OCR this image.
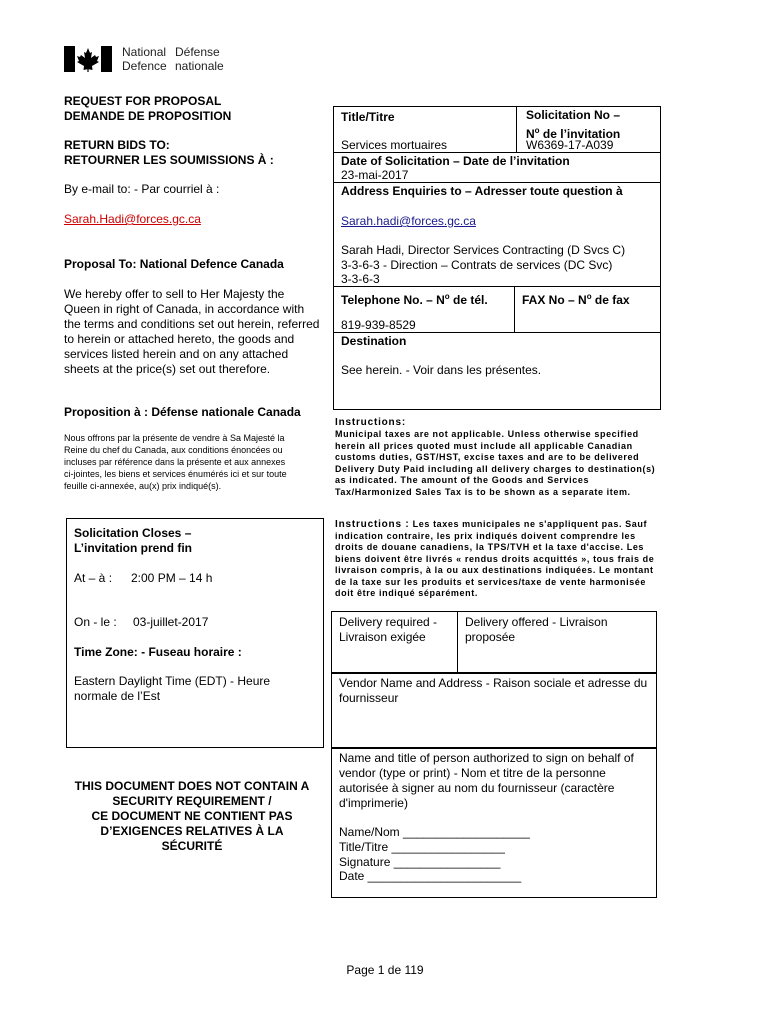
National
Defence
Défense
nationale
REQUEST FOR PROPOSAL
DEMANDE DE PROPOSITION
RETURN BIDS TO:
RETOURNER LES SOUMISSIONS À :
By e-mail to: - Par courriel à :
Sarah.Hadi@forces.gc.ca
Proposal To: National Defence Canada
We hereby offer to sell to Her Majesty the Queen in right of Canada, in accordance with the terms and conditions set out herein, referred to herein or attached hereto, the goods and services listed herein and on any attached sheets at the price(s) set out therefore.
Proposition à : Défense nationale Canada
Nous offrons par la présente de vendre à Sa Majesté la Reine du chef du Canada, aux conditions énoncées ou incluses par référence dans la présente et aux annexes ci-jointes, les biens et services énumérés ici et sur toute feuille ci-annexée, au(x) prix indiqué(s).
Solicitation Closes –
L’invitation prend fin
At – à : 2:00 PM – 14 h
On - le : 03-juillet-2017
Time Zone: - Fuseau horaire :
Eastern Daylight Time (EDT) - Heure normale de l’Est
THIS DOCUMENT DOES NOT CONTAIN A
SECURITY REQUIREMENT /
CE DOCUMENT NE CONTIENT PAS
D’EXIGENCES RELATIVES À LA
SÉCURITÉ
Title/Titre
Services mortuaires
Solicitation No –
$N^o$ de l’invitation
W6369-17-A039
Date of Solicitation – Date de l’invitation
23-mai-2017
Address Enquiries to – Adresser toute question à
Sarah.hadi@forces.gc.ca
Sarah Hadi, Director Services Contracting (D Svcs C)
3-3-6-3 - Direction – Contrats de services (DC Svc)
3-3-6-3
Telephone No. – $N^o$ de tél.
819-939-8529
FAX No – $N^o$ de fax
Destination
See herein. - Voir dans les présentes.
Instructions:
Municipal taxes are not applicable. Unless otherwise specified herein all prices quoted must include all applicable Canadian customs duties, GST/HST, excise taxes and are to be delivered Delivery Duty Paid including all delivery charges to destination(s) as indicated. The amount of the Goods and Services Tax/Harmonized Sales Tax is to be shown as a separate item.
Instructions : Les taxes municipales ne s'appliquent pas. Sauf indication contraire, les prix indiqués doivent comprendre les droits de douane canadiens, la TPS/TVH et la taxe d'accise. Les biens doivent être livrés « rendus droits acquittés », tous frais de livraison compris, à la ou aux destinations indiquées. Le montant de la taxe sur les produits et services/taxe de vente harmonisée doit être indiqué séparément.
Delivery required - Livraison exigée
Delivery offered - Livraison proposée
Vendor Name and Address - Raison sociale et adresse du fournisseur
Name and title of person authorized to sign on behalf of vendor (type or print) - Nom et titre de la personne autorisée à signer au nom du fournisseur (caractère d'imprimerie)
Name/Nom ___________________
Title/Titre _________________
Signature ________________
Date _______________________
Page 1 de 119
